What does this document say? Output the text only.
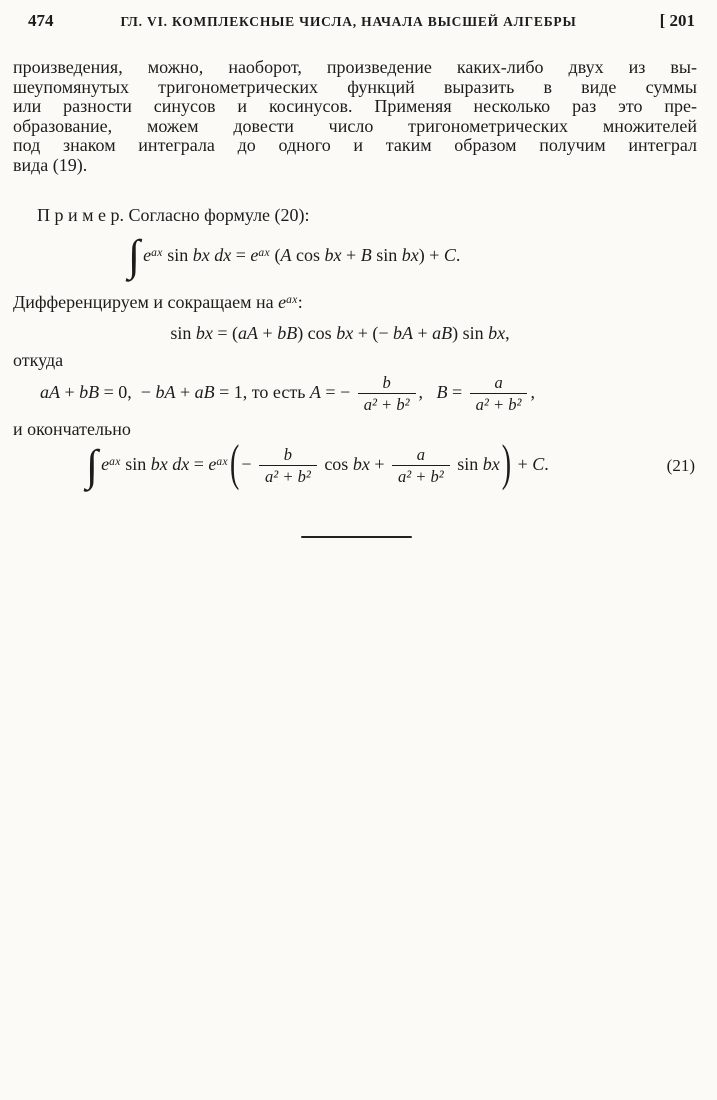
474	ГЛ. VI. КОМПЛЕКСНЫЕ ЧИСЛА, НАЧАЛА ВЫСШЕЙ АЛГЕБРЫ	[ 201
произведения, можно, наоборот, произведение каких-либо двух из вы-
шеупомянутых тригонометрических функций выразить в виде суммы
или разности синусов и косинусов. Применяя несколько раз это пре-
образование, можем довести число тригонометрических множителей
под знаком интеграла до одного и таким образом получим интеграл
вида (19).
П р и м е р. Согласно формуле (20):
∫ $e^{ax}$ sin bx dx = $e^{ax}$ (A cos bx + B sin bx) + C.
Дифференцируем и сокращаем на $e^{ax}$:
sin bx = (aA + bB) cos bx + (− bA + aB) sin bx,
откуда
aA + bB = 0, − bA + aB = 1, то есть A = − $\frac{b}{\text{a² + b²}}$ ,  $B = \frac{a}{\text{a² + b²}}$ ,
и окончательно
∫ $e^{ax}$ sin bx dx = $e^{ax}( - \frac{b}{\text{a² + b²}}$ cos bx + $\frac{a}{\text{a² + b²}}$ sin bx) + C.	(21)
